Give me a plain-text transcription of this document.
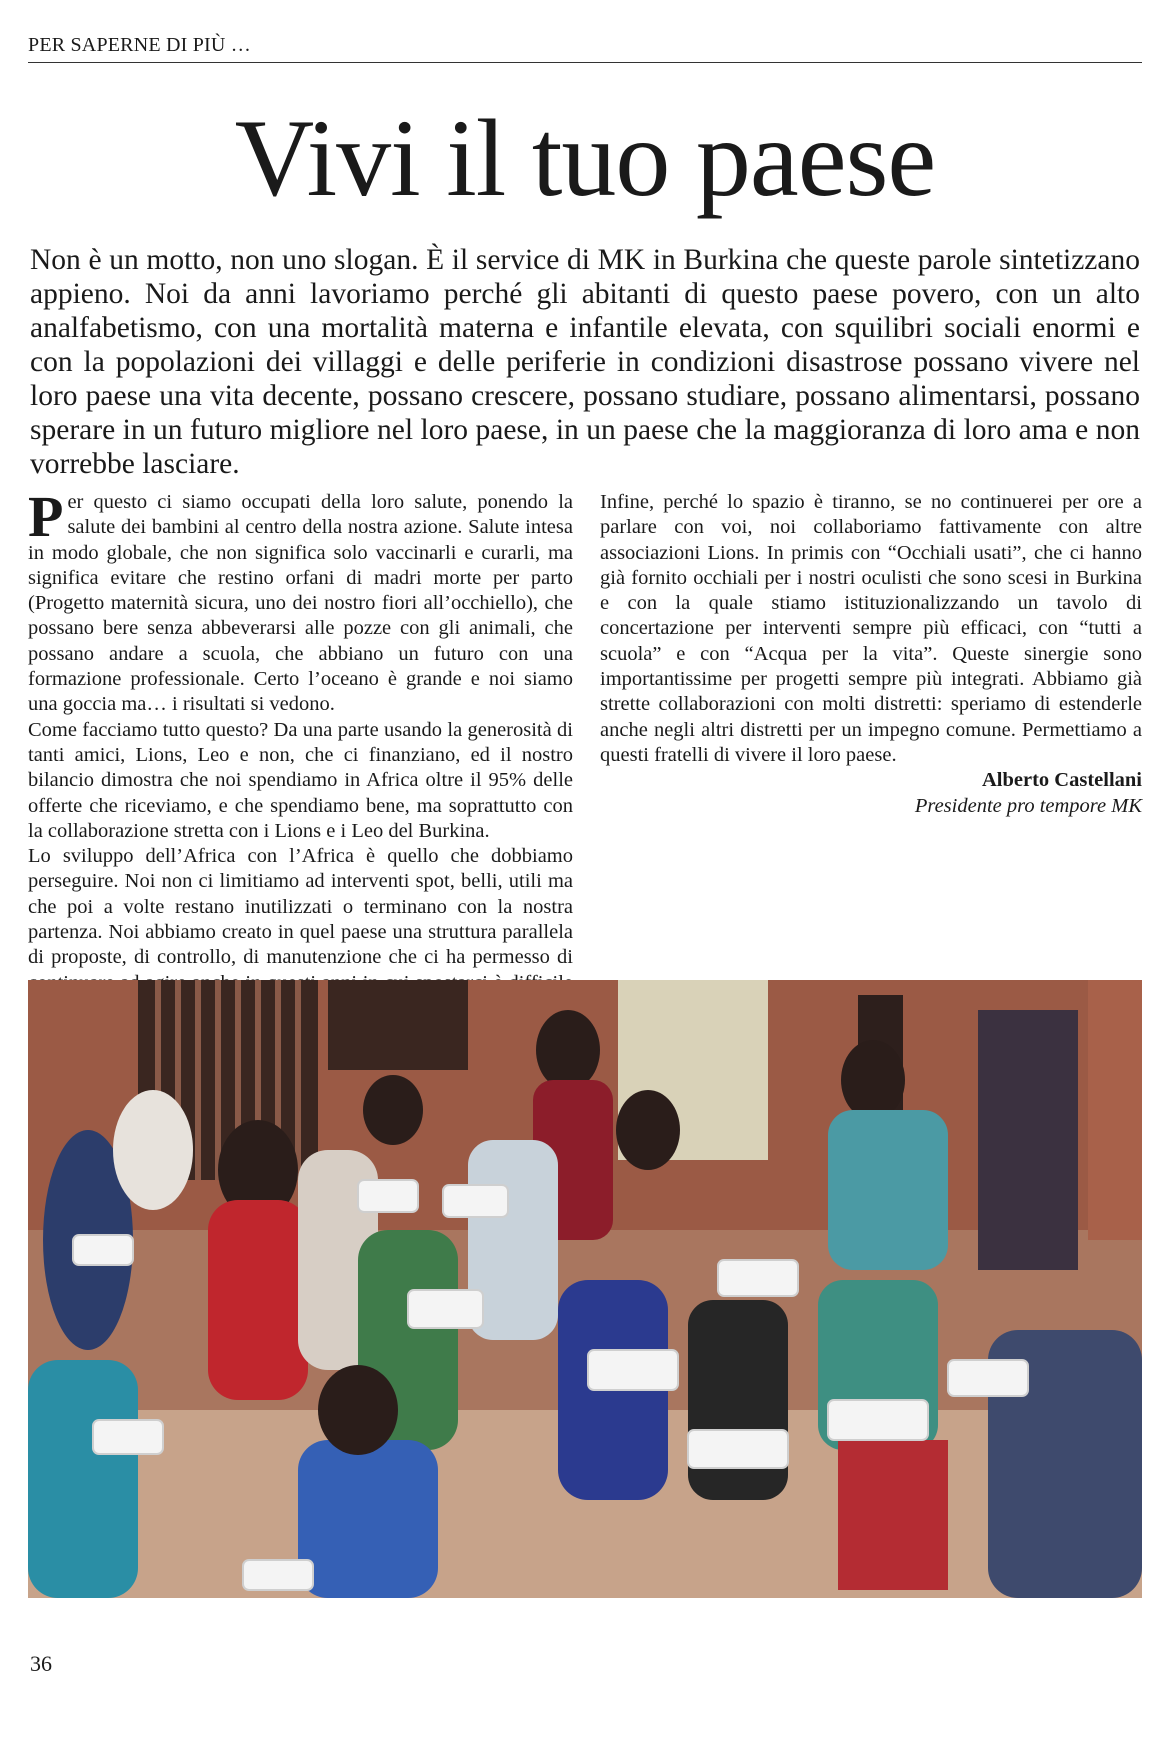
PER SAPERNE DI PIÙ …
Vivi il tuo paese

Non è un motto, non uno slogan. È il service di MK in Burkina che queste parole sintetizzano appieno. Noi da anni lavoriamo perché gli abitanti di questo paese povero, con un alto analfabetismo, con una mortalità materna e infantile elevata, con squilibri sociali enormi e con la popolazioni dei villaggi e delle periferie in condizioni disastrose possano vivere nel loro paese una vita decente, possano crescere, possano studiare, possano alimentarsi, possano sperare in un futuro migliore nel loro paese, in un paese che la maggioranza di loro ama e non vorrebbe lasciare.

Per questo ci siamo occupati della loro salute, ponendo la salute dei bambini al centro della nostra azione. Salute intesa in modo globale, che non significa solo vaccinarli e curarli, ma significa evitare che restino orfani di madri morte per parto (Progetto maternità sicura, uno dei nostro fiori all’occhiello), che possano bere senza abbeverarsi alle pozze con gli animali, che possano andare a scuola, che abbiano un futuro con una formazione professionale. Certo l’oceano è grande e noi siamo una goccia ma… i risultati si vedono.

Come facciamo tutto questo? Da una parte usando la generosità di tanti amici, Lions, Leo e non, che ci finanziano, ed il nostro bilancio dimostra che noi spendiamo in Africa oltre il 95% delle offerte che riceviamo, e che spendiamo bene, ma soprattutto con la collaborazione stretta con i Lions e i Leo del Burkina.

Lo sviluppo dell’Africa con l’Africa è quello che dobbiamo perseguire. Noi non ci limitiamo ad interventi spot, belli, utili ma che poi a volte restano inutilizzati o terminano con la nostra partenza. Noi abbiamo creato in quel paese una struttura parallela di proposte, di controllo, di manutenzione che ci ha permesso di

Infine, perché lo spazio è tiranno, se no continuerei per ore a parlare con voi, noi collaboriamo fattivamente con altre associazioni Lions. In primis con “Occhiali usati”, che ci hanno già fornito occhiali per i nostri oculisti che sono scesi in Burkina e con la quale stiamo istituzionalizzando un tavolo di concertazione per interventi sempre più efficaci, con “tutti a scuola” e con “Acqua per la vita”. Queste sinergie sono importantissime per progetti sempre più integrati. Abbiamo già strette collaborazioni con molti distretti: speriamo di estenderle anche negli altri distretti per un impegno comune. Permettiamo a questi fratelli di vivere il loro paese.

Alberto Castellani

Presidente pro tempore MK

36
